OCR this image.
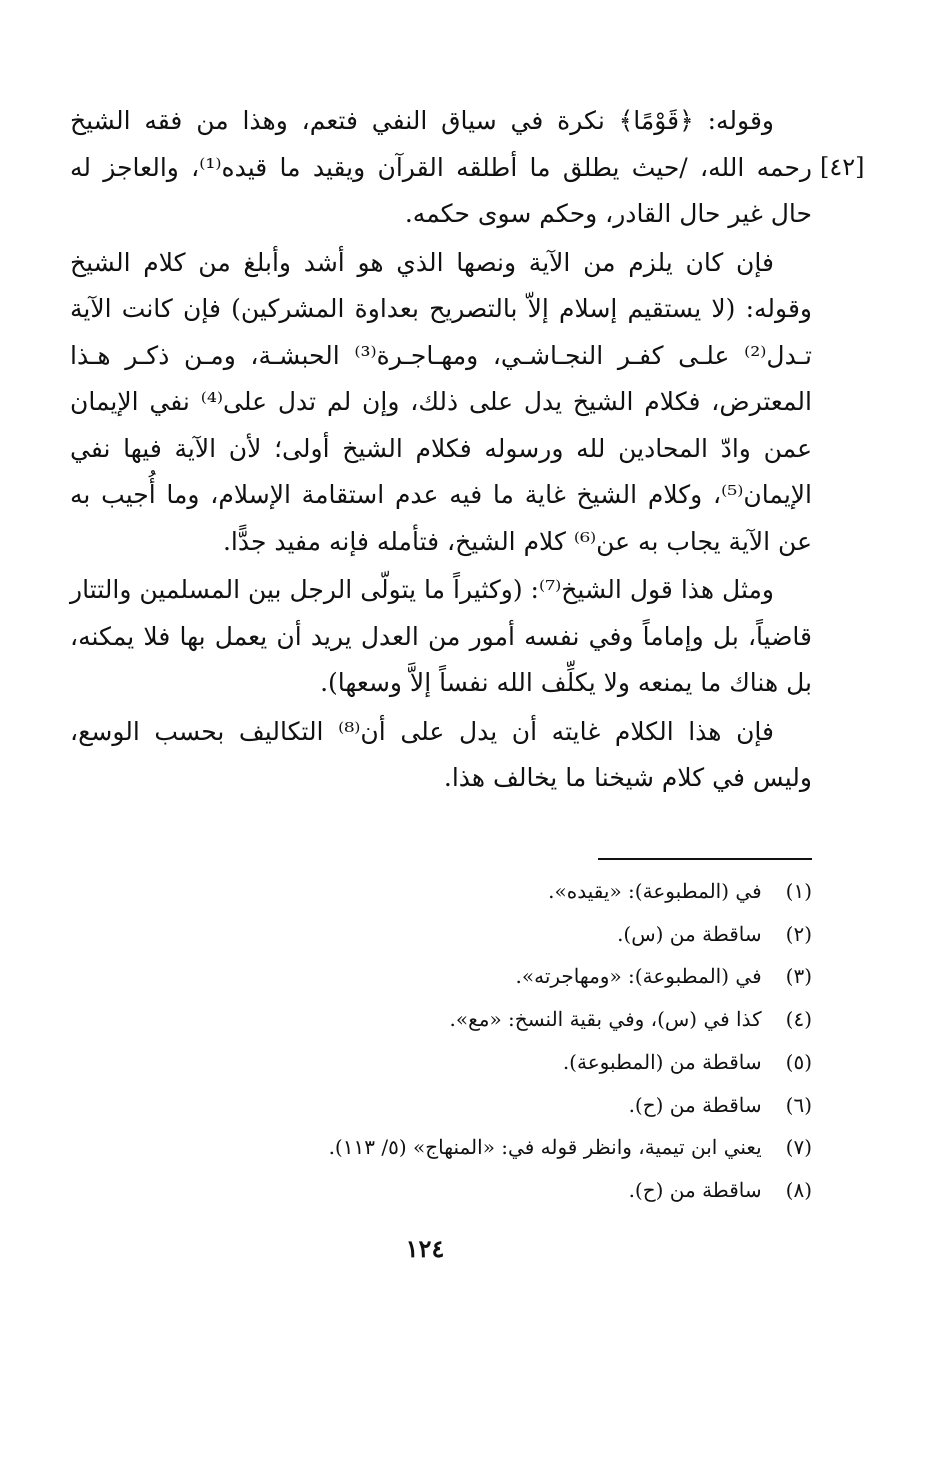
[٤٢]

وقوله: ﴿قَوْمًا﴾ نكرة في سياق النفي فتعم، وهذا من فقه الشيخ رحمه الله، /حيث يطلق ما أطلقه القرآن ويقيد ما قيده⁽¹⁾، والعاجز له حال غير حال القادر، وحكم سوى حكمه.

فإن كان يلزم من الآية ونصها الذي هو أشد وأبلغ من كلام الشيخ وقوله: (لا يستقيم إسلام إلاّ بالتصريح بعداوة المشركين) فإن كانت الآية تـدل⁽²⁾ علـى كفـر النجـاشـي، ومهـاجـرة⁽³⁾ الحبشـة، ومـن ذكـر هـذا المعترض، فكلام الشيخ يدل على ذلك، وإن لم تدل على⁽⁴⁾ نفي الإيمان عمن وادّ المحادين لله ورسوله فكلام الشيخ أولى؛ لأن الآية فيها نفي الإيمان⁽⁵⁾، وكلام الشيخ غاية ما فيه عدم استقامة الإسلام، وما أُجيب به عن الآية يجاب به عن⁽⁶⁾ كلام الشيخ، فتأمله فإنه مفيد جدًّا.

ومثل هذا قول الشيخ⁽⁷⁾: (وكثيراً ما يتولّى الرجل بين المسلمين والتتار قاضياً، بل وإماماً وفي نفسه أمور من العدل يريد أن يعمل بها فلا يمكنه، بل هناك ما يمنعه ولا يكلِّف الله نفساً إلاَّ وسعها).

فإن هذا الكلام غايته أن يدل على أن⁽⁸⁾ التكاليف بحسب الوسع، وليس في كلام شيخنا ما يخالف هذا.

(١) في (المطبوعة): «يقيده».
(٢) ساقطة من (س).
(٣) في (المطبوعة): «ومهاجرته».
(٤) كذا في (س)، وفي بقية النسخ: «مع».
(٥) ساقطة من (المطبوعة).
(٦) ساقطة من (ح).
(٧) يعني ابن تيمية، وانظر قوله في: «المنهاج» (٥/ ١١٣).
(٨) ساقطة من (ح).
١٢٤
